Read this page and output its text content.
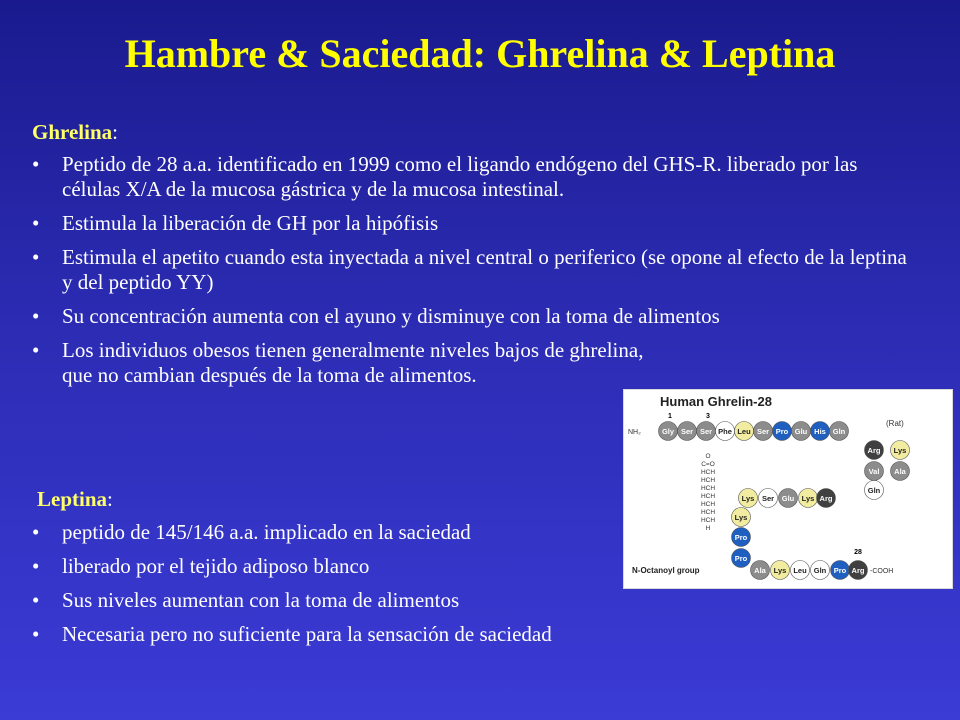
Hambre & Saciedad: Ghrelina & Leptina
Ghrelina:
• Peptido de 28 a.a. identificado en 1999 como el ligando endógeno del GHS-R. liberado por las células X/A de la mucosa gástrica y de la mucosa intestinal.
• Estimula la liberación de GH por la hipófisis
• Estimula el apetito cuando esta inyectada a nivel central o periferico (se opone al efecto de la leptina y del peptido YY)
• Su concentración aumenta con el ayuno y disminuye con la toma de alimentos
• Los individuos obesos tienen generalmente niveles bajos de ghrelina, que no cambian después de la toma de alimentos.
Leptina:
• peptido de 145/146 a.a. implicado en la saciedad
• liberado por el tejido adiposo blanco
• Sus niveles aumentan con la toma de alimentos
• Necesaria pero no suficiente para la sensación de saciedad
Human Ghrelin-28
1	3
NH₂
(Rat)
Gly Ser Ser Phe Leu Ser Pro Glu His Gln
Arg
Val
Gln
Lys
Ala
Lys Ser Glu Lys Arg
Lys
Pro
Pro
Ala Lys Leu Gln Pro Arg
28
-COOH
O
C=O
HCH
HCH
HCH
HCH
HCH
HCH
HCH
H
N-Octanoyl group
